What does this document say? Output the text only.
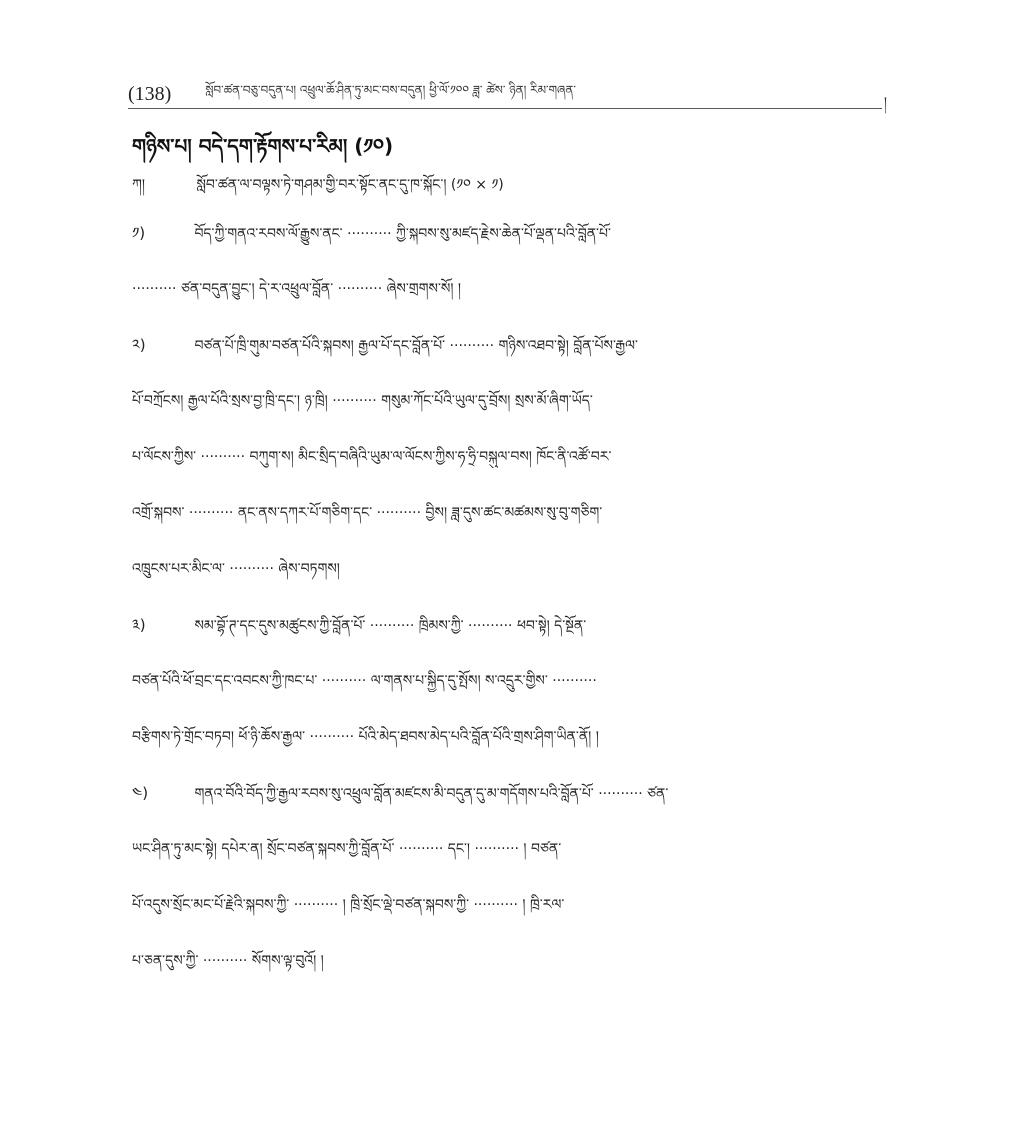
(138)	སློབ་ཚན་བཅུ་བདུན་པ། འཕྲུལ་ཆོ་ཤིན་ཏུ་མང་བས་བདུན། ཕྱི་ལོ་༡༠༠ ཟླ་ ཚེས་ ཉིན། རིམ་གཞན་
།
གཉིས་པ། བདེ་དག་རྟོགས་པ་རིམ། (༡༠)
ཀ།	སློབ་ཚན་ལ་བལྟས་ཏེ་གཤམ་གྱི་བར་སྟོང་ནང་དུ་ཁ་སྐོང་། (༡༠ × ༡)
༡)	བོད་ཀྱི་གནའ་རབས་ལོ་རྒྱུས་ནང་ ·········· ཀྱི་སྐབས་སུ་མཛད་རྗེས་ཆེན་པོ་ལྡན་པའི་བློན་པོ་
·········· ཙན་བདུན་བྱུང་། དེ་ར་འཕྲུལ་བློན་ ·········· ཞེས་གྲགས་སོ། །
༢)	བཙན་པོ་ཁྲི་གུམ་བཙན་པོའི་སྐབས། རྒྱལ་པོ་དང་བློན་པོ་ ·········· གཉིས་འཐབ་སྟེ། བློན་པོས་རྒྱལ་
པོ་བཀྲོངས། རྒྱལ་པོའི་སྲས་བྱ་ཁྲི་དང་། ཉ་ཁྲི། ·········· གསུམ་ཀོང་པོའི་ཡུལ་དུ་བྲོས། སྲས་མོ་ཞིག་ཡོད་
པ་ལོངས་ཀྱིས་ ·········· བཀུག་ས། མིང་སྲིད་བཞིའི་ཡུམ་ལ་ལོངས་ཀྱིས་ཧ་ཧྲི་བསྐུལ་བས། ཁོང་ནི་འཚོ་བར་
འགྲོ་སྐབས་ ·········· ནང་ནས་དཀར་པོ་གཅིག་དང་ ·········· བྱིས། ཟླ་དུས་ཚང་མཚམས་སུ་བུ་གཅིག་
འཁྲུངས་པར་མིང་ལ་ ·········· ཞེས་བཏགས།
༣)	སམ་བྷོ་ཊ་དང་དུས་མཚུངས་ཀྱི་བློན་པོ་ ·········· ཁྲིམས་ཀྱི་ ·········· ཕབ་སྟེ། དེ་སྔོན་
བཙན་པོའི་ཕོ་བྲང་དང་འབངས་ཀྱི་ཁང་པ་ ·········· ལ་གནས་པ་སྐྱིད་དུ་སྤོས། ས་འདྲུར་གྱིས་ ··········
བརྩིགས་ཏེ་གྲོང་བཏབ། ཕོ་ཉི་ཆོས་རྒྱལ་ ·········· པོའི་མེད་ཐབས་མེད་པའི་བློན་པོའི་གྲས་ཤིག་ཡིན་ནོ། །
༤)	གནའ་བོའི་བོད་ཀྱི་རྒྱལ་རབས་སུ་འཕྲུལ་བློན་མཛངས་མི་བདུན་དུ་མ་གདོགས་པའི་བློན་པོ་ ·········· ཙན་
ཡང་ཤིན་ཏུ་མང་སྟེ། དཔེར་ན། སྲོང་བཙན་སྐབས་ཀྱི་བློན་པོ་ ·········· དང་། ·········· ། བཙན་
པོ་འདུས་སྲོང་མང་པོ་རྗེའི་སྐབས་ཀྱི་ ·········· ། ཁྲི་སྲོང་ལྡེ་བཙན་སྐབས་ཀྱི་ ·········· ། ཁྲི་རལ་
པ་ཅན་དུས་ཀྱི་ ·········· སོགས་ལྟ་བུའོ། །
